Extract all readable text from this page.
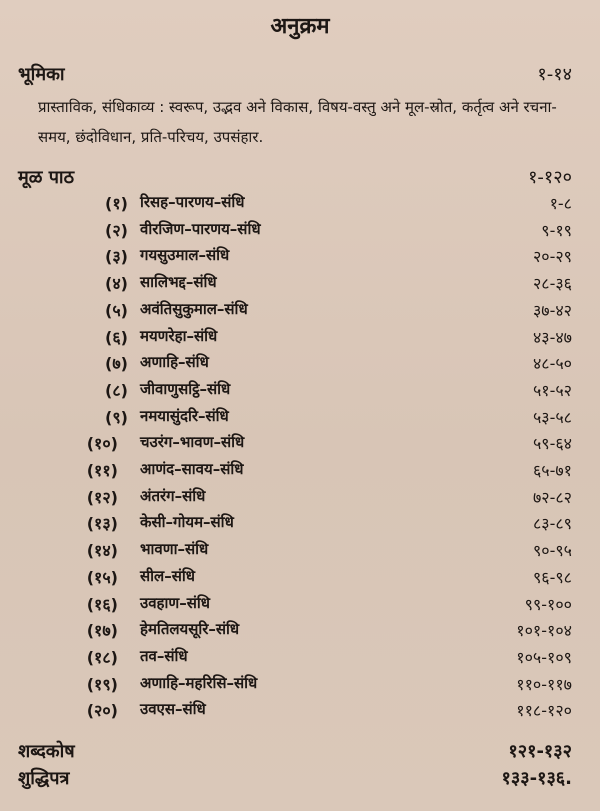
अनुक्रम
भूमिका	१-१४
प्रास्ताविक, संधिकाव्य : स्वरूप, उद्भव अने विकास, विषय-वस्तु अने मूल-स्रोत, कर्तृत्व अने रचना-समय, छंदोविधान, प्रति-परिचय, उपसंहार.
मूळ पाठ	१-१२०
(१) रिसह–पारणय–संधि	१-८
(२) वीरजिण–पारणय–संधि	९-१९
(३) गयसुउमाल–संधि	२०-२९
(४) सालिभद्द–संधि	२८-३६
(५) अवंतिसुकुमाल–संधि	३७-४२
(६) मयणरेहा–संधि	४३-४७
(७) अणाहि–संधि	४८-५०
(८) जीवाणुसट्ठि–संधि	५१-५२
(९) नमयासुंदरि–संधि	५३-५८
(१०) चउरंग–भावण–संधि	५९-६४
(११) आणंद–सावय–संधि	६५-७१
(१२) अंतरंग–संधि	७२-८२
(१३) केसी–गोयम–संधि	८३-८९
(१४) भावणा–संधि	९०-९५
(१५) सील–संधि	९६-९८
(१६) उवहाण–संधि	९९-१००
(१७) हेमतिलयसूरि–संधि	१०१-१०४
(१८) तव–संधि	१०५-१०९
(१९) अणाहि–महरिसि–संधि	११०-११७
(२०) उवएस–संधि	११८-१२०
शब्दकोष	१२१-१३२
शुद्धिपत्र	१३३-१३६.
